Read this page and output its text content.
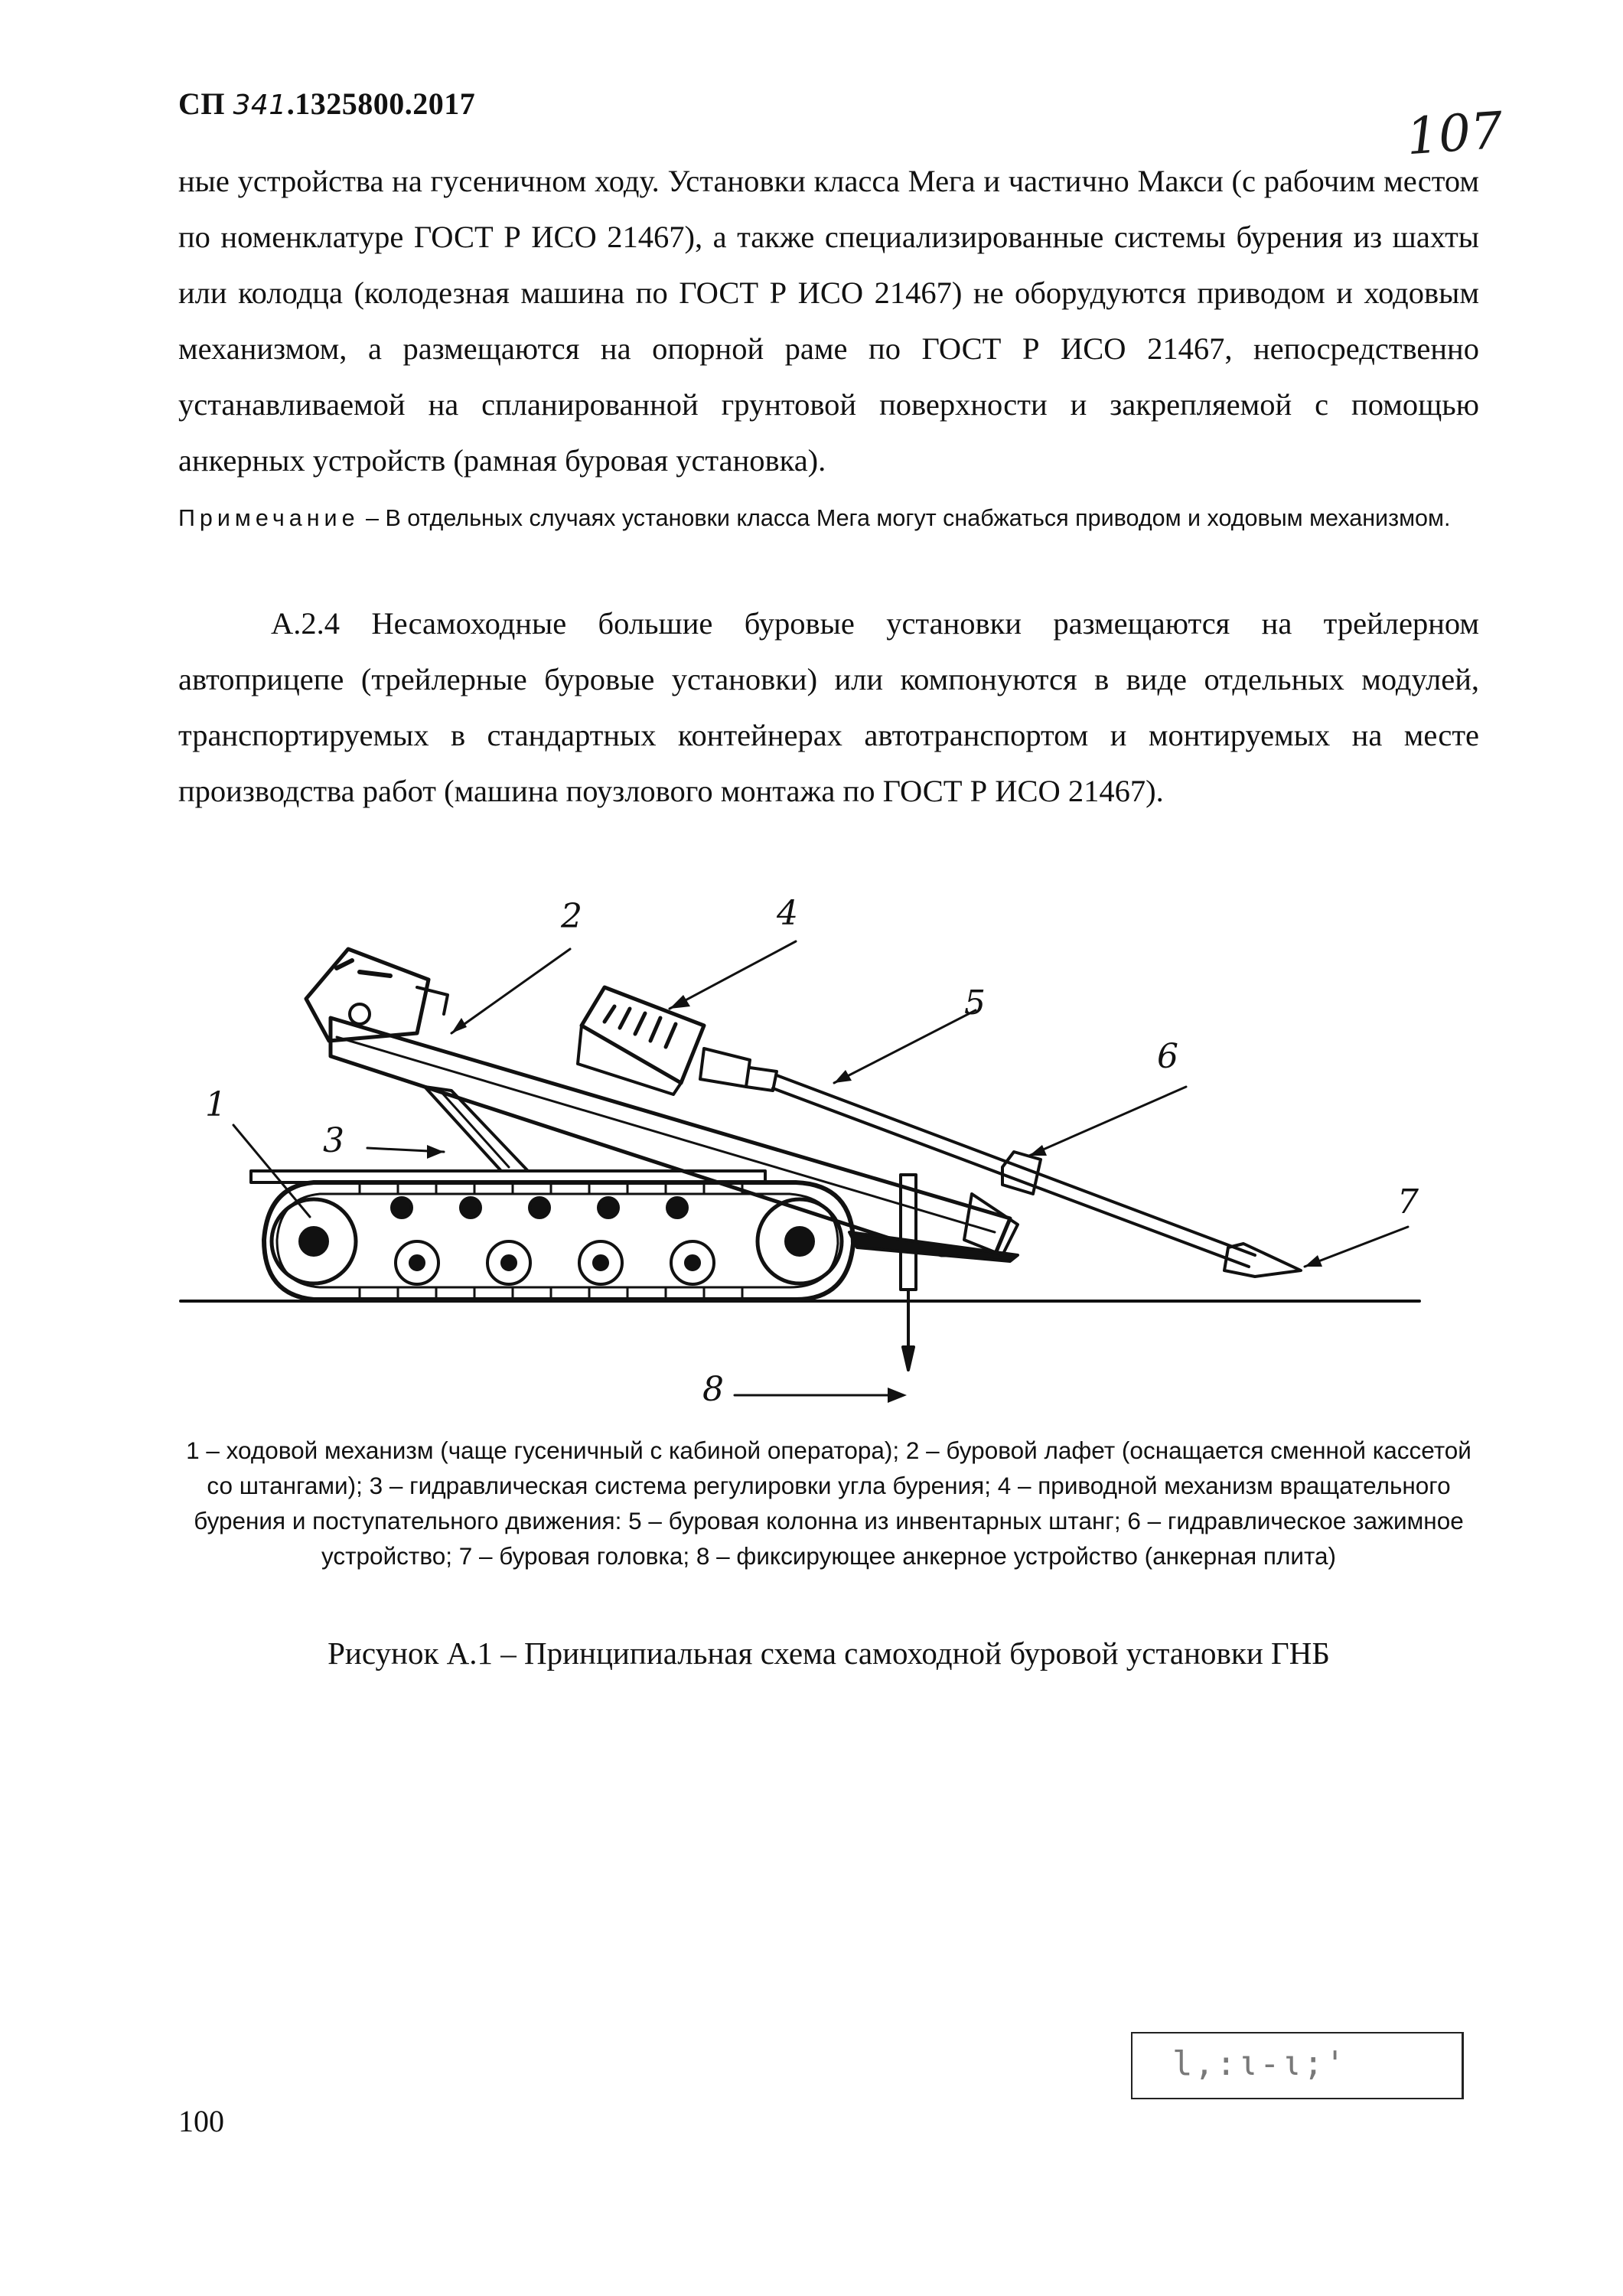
СП 341.1325800.2017	107
ные устройства на гусеничном ходу. Установки класса Мега и частично Макси (с рабочим местом по номенклатуре ГОСТ Р ИСО 21467), а также специализированные системы бурения из шахты или колодца (колодезная машина по ГОСТ Р ИСО 21467) не оборудуются приводом и ходовым механизмом, а размещаются на опорной раме по ГОСТ Р ИСО 21467, непосредственно устанавливаемой на спланированной грунтовой поверхности и закрепляемой с помощью анкерных устройств (рамная буровая установка).
Примечание – В отдельных случаях установки класса Мега могут снабжаться приводом и ходовым механизмом.
А.2.4 Несамоходные большие буровые установки размещаются на трейлерном автоприцепе (трейлерные буровые установки) или компонуются в виде отдельных модулей, транспортируемых в стандартных контейнерах автотранспортом и монтируемых на месте производства работ (машина поузлового монтажа по ГОСТ Р ИСО 21467).
1
2
3
4
5
6
7
8
1 – ходовой механизм (чаще гусеничный с кабиной оператора); 2 – буровой лафет (оснащается сменной кассетой со штангами); 3 – гидравлическая система регулировки угла бурения; 4 – приводной механизм вращательного бурения и поступательного движения: 5 – буровая колонна из инвентарных штанг; 6 – гидравлическое зажимное устройство; 7 – буровая головка; 8 – фиксирующее анкерное устройство (анкерная плита)
Рисунок А.1 – Принципиальная схема самоходной буровой установки ГНБ
100
l,:ι-ι;'
